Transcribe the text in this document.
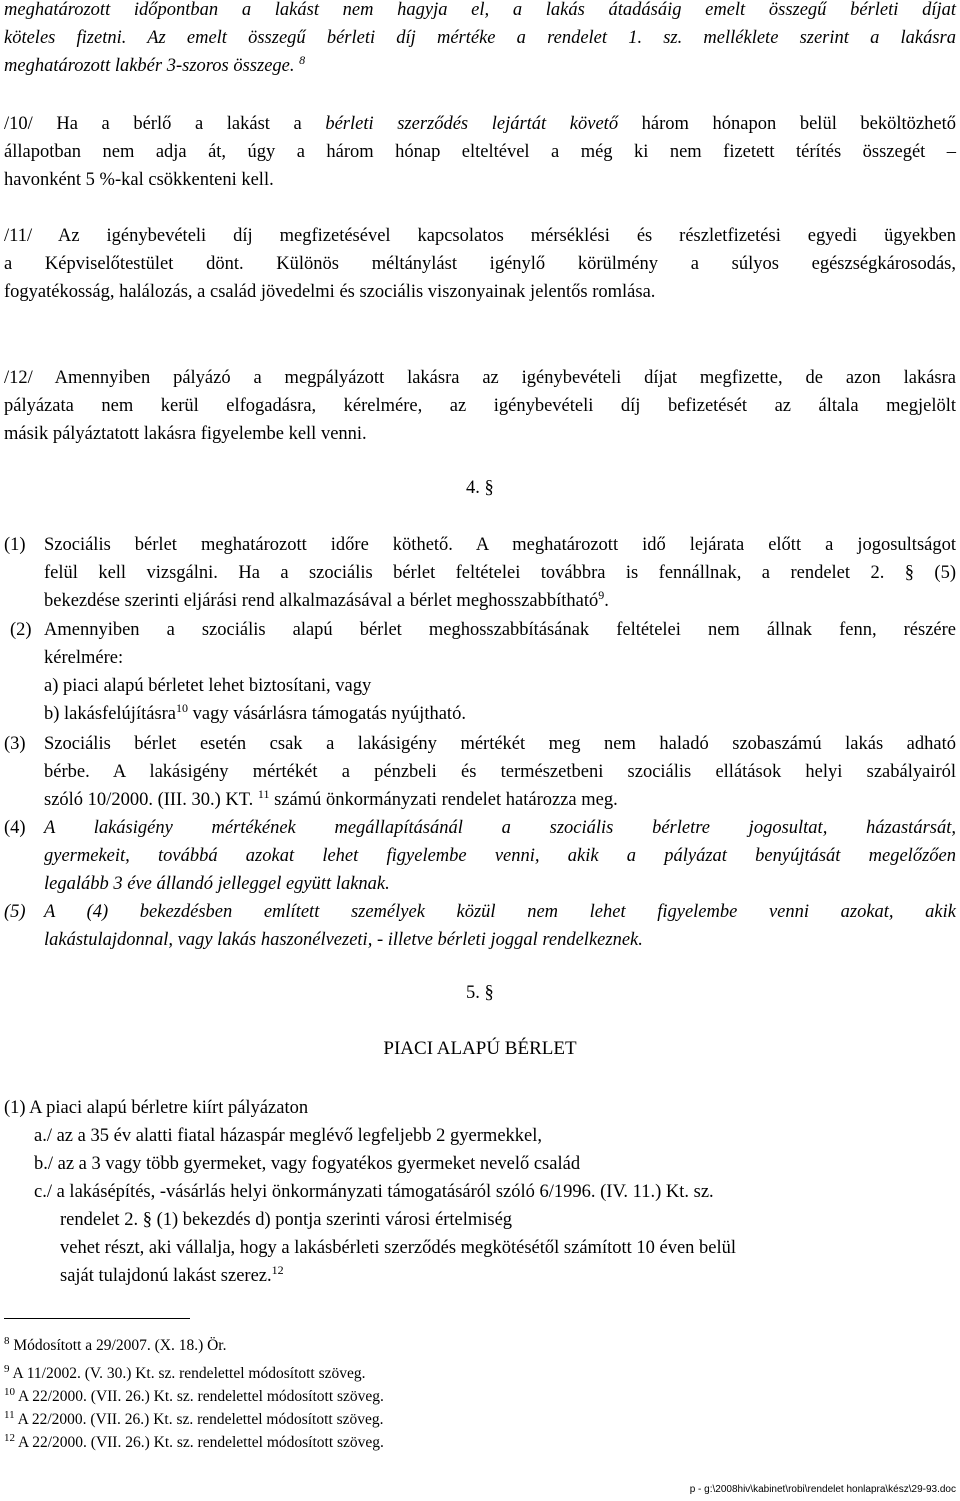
meghatározott időpontban a lakást nem hagyja el, a lakás átadásáig emelt összegű bérleti díjat
köteles fizetni. Az emelt összegű bérleti díj mértéke a rendelet 1. sz. melléklete szerint a lakásra
meghatározott lakbér 3-szoros összege. $^8$
/10/ Ha a bérlő a lakást a bérleti szerződés lejártát követő három hónapon belül beköltözhető
állapotban nem adja át, úgy a három hónap elteltével a még ki nem fizetett térítés összegét –
havonként 5 %-kal csökkenteni kell.
/11/ Az igénybevételi díj megfizetésével kapcsolatos mérséklési és részletfizetési egyedi ügyekben
a Képviselőtestület dönt. Különös méltánylást igénylő körülmény a súlyos egészségkárosodás,
fogyatékosság, halálozás, a család jövedelmi és szociális viszonyainak jelentős romlása.
/12/ Amennyiben pályázó a megpályázott lakásra az igénybevételi díjat megfizette, de azon lakásra
pályázata nem kerül elfogadásra, kérelmére, az igénybevételi díj befizetését az általa megjelölt
másik pályáztatott lakásra figyelembe kell venni.
4. §
(1) Szociális bérlet meghatározott időre köthető. A meghatározott idő lejárata előtt a jogosultságot
felül kell vizsgálni. Ha a szociális bérlet feltételei továbbra is fennállnak, a rendelet 2. § (5)
bekezdése szerinti eljárási rend alkalmazásával a bérlet meghosszabbítható$^9$.
(2) Amennyiben a szociális alapú bérlet meghosszabbításának feltételei nem állnak fenn, részére
kérelmére:
a) piaci alapú bérletet lehet biztosítani, vagy
b) lakásfelújításra$^{10}$ vagy vásárlásra támogatás nyújtható.
(3) Szociális bérlet esetén csak a lakásigény mértékét meg nem haladó szobaszámú lakás adható
bérbe. A lakásigény mértékét a pénzbeli és természetbeni szociális ellátások helyi szabályairól
szóló 10/2000. (III. 30.) KT. $^{11}$ számú önkormányzati rendelet határozza meg.
(4) A lakásigény mértékének megállapításánál a szociális bérletre jogosultat, házastársát,
gyermekeit, továbbá azokat lehet figyelembe venni, akik a pályázat benyújtását megelőzően
legalább 3 éve állandó jelleggel együtt laknak.
(5) A (4) bekezdésben említett személyek közül nem lehet figyelembe venni azokat, akik
lakástulajdonnal, vagy lakás haszonélvezeti, - illetve bérleti joggal rendelkeznek.
5. §
PIACI ALAPÚ BÉRLET
(1) A piaci alapú bérletre kiírt pályázaton
a./ az a 35 év alatti fiatal házaspár meglévő legfeljebb 2 gyermekkel,
b./ az a 3 vagy több gyermeket, vagy fogyatékos gyermeket nevelő család
c./ a lakásépítés, -vásárlás helyi önkormányzati támogatásáról szóló 6/1996. (IV. 11.) Kt. sz.
rendelet 2. § (1) bekezdés d) pontja szerinti városi értelmiség
vehet részt, aki vállalja, hogy a lakásbérleti szerződés megkötésétől számított 10 éven belül
saját tulajdonú lakást szerez.$^{12}$
$^8$ Módosított a 29/2007. (X. 18.) Ör.
$^9$ A 11/2002. (V. 30.) Kt. sz. rendelettel módosított szöveg.
$^{10}$ A 22/2000. (VII. 26.) Kt. sz. rendelettel módosított szöveg.
$^{11}$ A 22/2000. (VII. 26.) Kt. sz. rendelettel módosított szöveg.
$^{12}$ A 22/2000. (VII. 26.) Kt. sz. rendelettel módosított szöveg.
p - g:\2008hiv\kabinet\robi\rendelet honlapra\kész\29-93.doc
